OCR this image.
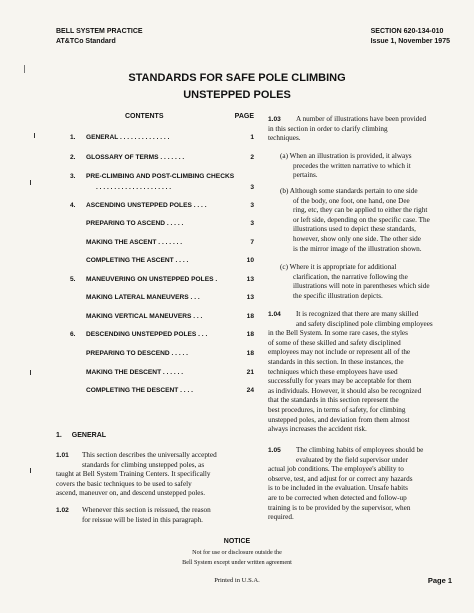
BELL SYSTEM PRACTICE
AT&TCo Standard
SECTION 620-134-010
Issue 1, November 1975
STANDARDS FOR SAFE POLE CLIMBING
UNSTEPPED POLES
CONTENTS	PAGE
1. GENERAL . . . . . . . . . . . . . .	1
2. GLOSSARY OF TERMS . . . . . . .	2
3. PRE-CLIMBING AND POST-CLIMBING CHECKS
. . . . . . . . . . . . . . . . . . . . .	3
4. ASCENDING UNSTEPPED POLES . . . .	3
PREPARING TO ASCEND . . . . .	3
MAKING THE ASCENT . . . . . . .	7
COMPLETING THE ASCENT . . . .	10
5. MANEUVERING ON UNSTEPPED POLES .	13
MAKING LATERAL MANEUVERS . . .	13
MAKING VERTICAL MANEUVERS . . .	18
6. DESCENDING UNSTEPPED POLES . . .	18
PREPARING TO DESCEND . . . . .	18
MAKING THE DESCENT . . . . . .	21
COMPLETING THE DESCENT . . . .	24
1. GENERAL
1.01 This section describes the universally accepted
standards for climbing unstepped poles, as
taught at Bell System Training Centers. It specifically
covers the basic techniques to be used to safely
ascend, maneuver on, and descend unstepped poles.
1.02 Whenever this section is reissued, the reason
for reissue will be listed in this paragraph.
1.03 A number of illustrations have been provided
in this section in order to clarify climbing
techniques.
(a) When an illustration is provided, it always
precedes the written narrative to which it
pertains.
(b) Although some standards pertain to one side
of the body, one foot, one hand, one Dee
ring, etc, they can be applied to either the right
or left side, depending on the specific case. The
illustrations used to depict these standards,
however, show only one side. The other side
is the mirror image of the illustration shown.
(c) Where it is appropriate for additional
clarification, the narrative following the
illustrations will note in parentheses which side
the specific illustration depicts.
1.04 It is recognized that there are many skilled
and safety disciplined pole climbing employees
in the Bell System. In some rare cases, the styles
of some of these skilled and safety disciplined
employees may not include or represent all of the
standards in this section. In these instances, the
techniques which these employees have used
successfully for years may be acceptable for them
as individuals. However, it should also be recognized
that the standards in this section represent the
best procedures, in terms of safety, for climbing
unstepped poles, and deviation from them almost
always increases the accident risk.
1.05 The climbing habits of employees should be
evaluated by the field supervisor under
actual job conditions. The employee's ability to
observe, test, and adjust for or correct any hazards
is to be included in the evaluation. Unsafe habits
are to be corrected when detected and follow-up
training is to be provided by the supervisor, when
required.
NOTICE
Not for use or disclosure outside the
Bell System except under written agreement
Printed in U.S.A.	Page 1
